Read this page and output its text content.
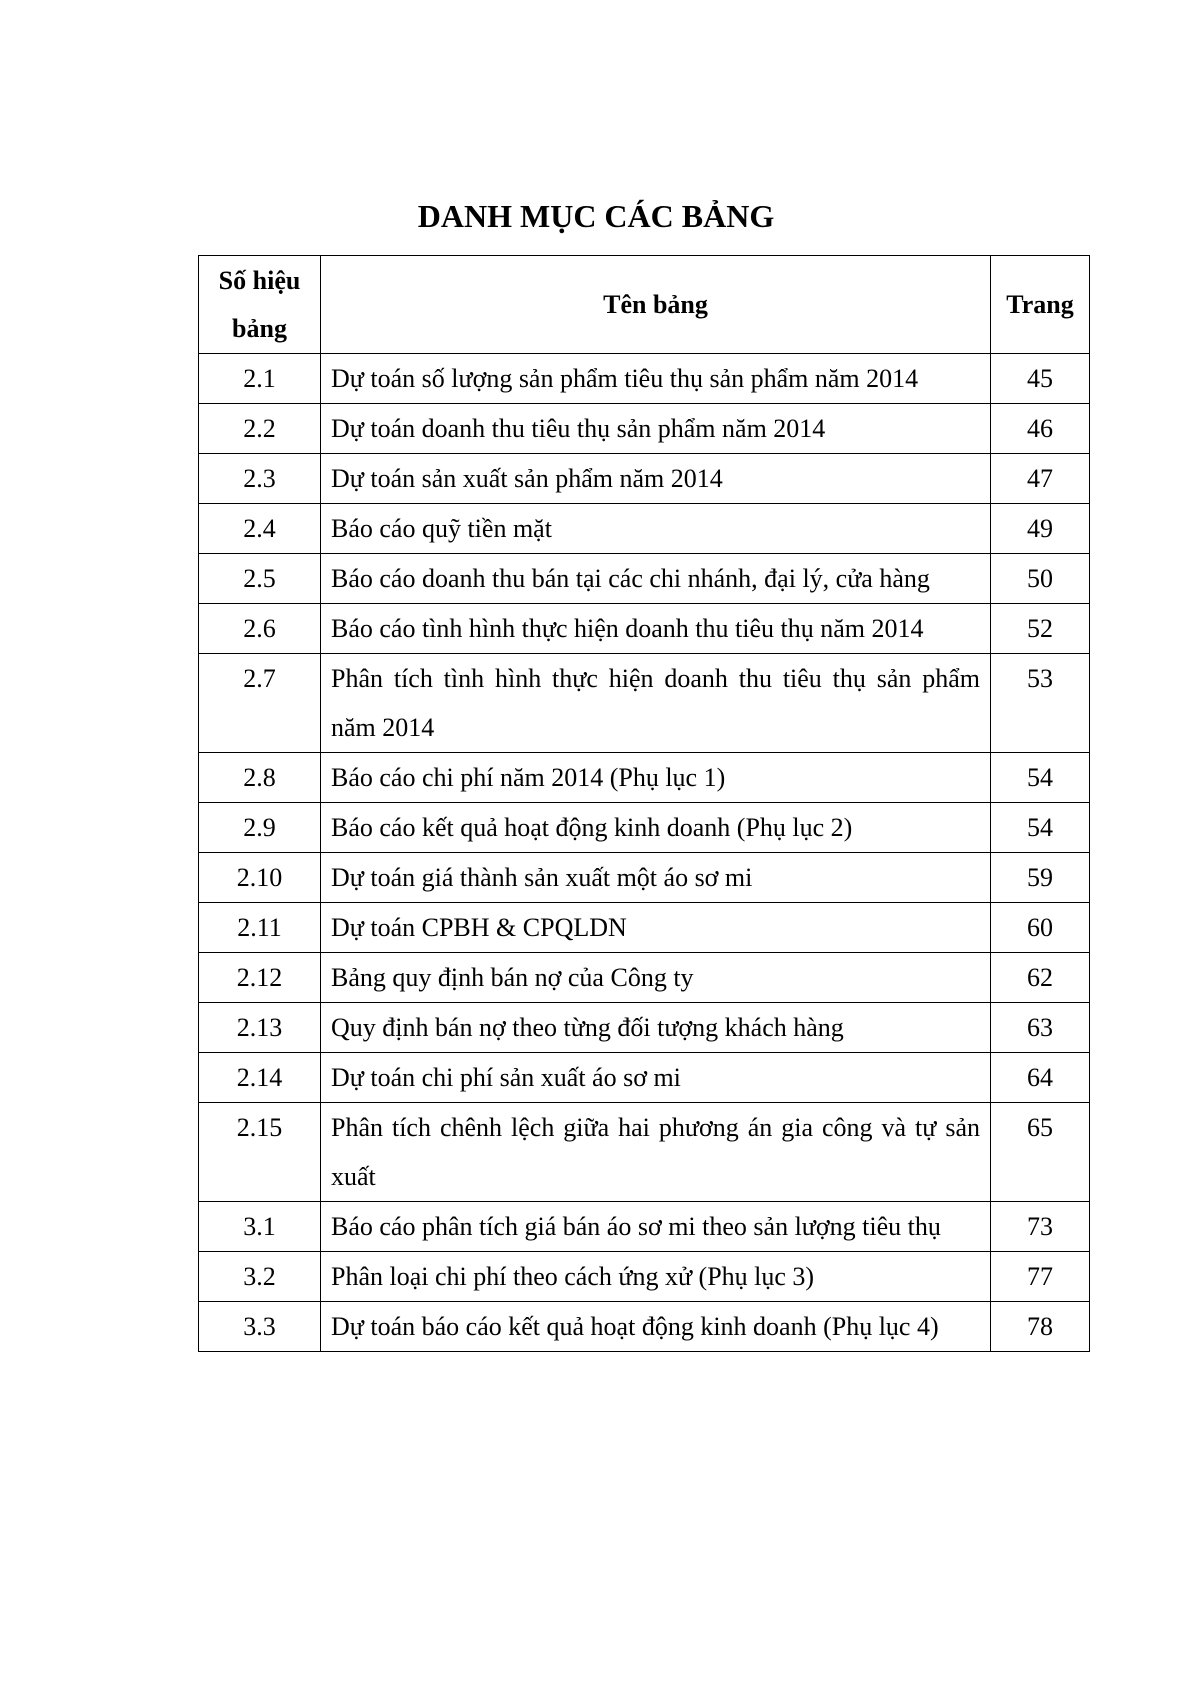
DANH MỤC CÁC BẢNG
Số hiệu bảng	Tên bảng	Trang
2.1	Dự toán số lượng sản phẩm tiêu thụ sản phẩm năm 2014	45
2.2	Dự toán doanh thu tiêu thụ sản phẩm năm 2014	46
2.3	Dự toán sản xuất sản phẩm năm 2014	47
2.4	Báo cáo quỹ tiền mặt	49
2.5	Báo cáo doanh thu bán tại các chi nhánh, đại lý, cửa hàng	50
2.6	Báo cáo tình hình thực hiện doanh thu tiêu thụ năm 2014	52
2.7	Phân tích tình hình thực hiện doanh thu tiêu thụ sản phẩm năm 2014	53
2.8	Báo cáo chi phí năm 2014 (Phụ lục 1)	54
2.9	Báo cáo kết quả hoạt động kinh doanh (Phụ lục 2)	54
2.10	Dự toán giá thành sản xuất một áo sơ mi	59
2.11	Dự toán CPBH & CPQLDN	60
2.12	Bảng quy định bán nợ của Công ty	62
2.13	Quy định bán nợ theo từng đối tượng khách hàng	63
2.14	Dự toán chi phí sản xuất áo sơ mi	64
2.15	Phân tích chênh lệch giữa hai phương án gia công và tự sản xuất	65
3.1	Báo cáo phân tích giá bán áo sơ mi theo sản lượng tiêu thụ	73
3.2	Phân loại chi phí theo cách ứng xử (Phụ lục 3)	77
3.3	Dự toán báo cáo kết quả hoạt động kinh doanh (Phụ lục 4)	78
